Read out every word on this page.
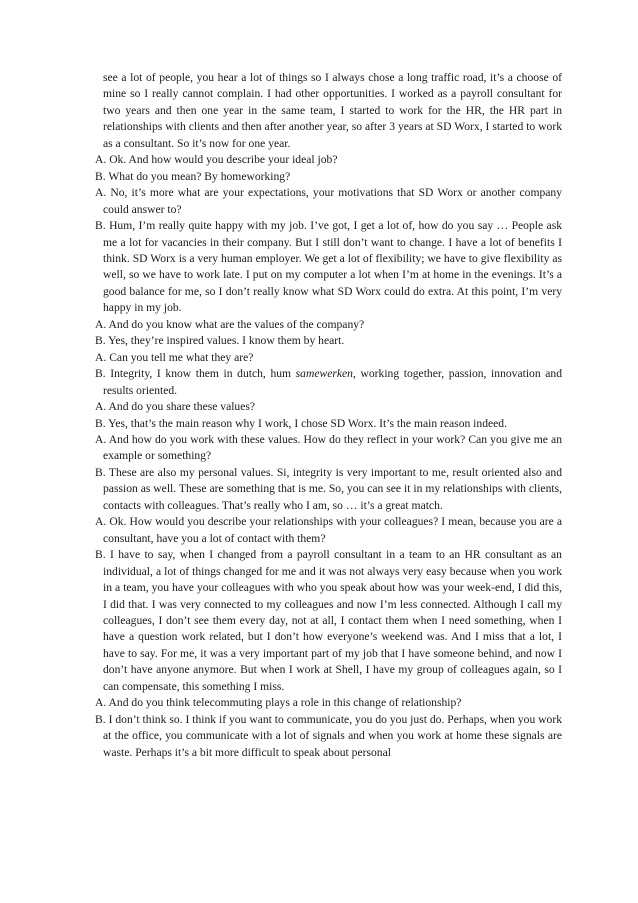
see a lot of people, you hear a lot of things so I always chose a long traffic road, it’s a choose of mine so I really cannot complain. I had other opportunities. I worked as a payroll consultant for two years and then one year in the same team, I started to work for the HR, the HR part in relationships with clients and then after another year, so after 3 years at SD Worx, I started to work as a consultant. So it’s now for one year.

A. Ok. And how would you describe your ideal job?

B. What do you mean? By homeworking?

A. No, it’s more what are your expectations, your motivations that SD Worx or another company could answer to?

B. Hum, I’m really quite happy with my job. I’ve got, I get a lot of, how do you say … People ask me a lot for vacancies in their company. But I still don’t want to change. I have a lot of benefits I think. SD Worx is a very human employer. We get a lot of flexibility; we have to give flexibility as well, so we have to work late. I put on my computer a lot when I’m at home in the evenings. It’s a good balance for me, so I don’t really know what SD Worx could do extra. At this point, I’m very happy in my job.

A. And do you know what are the values of the company?

B. Yes, they’re inspired values. I know them by heart.

A. Can you tell me what they are?

B. Integrity, I know them in dutch, hum samewerken, working together, passion, innovation and results oriented.

A. And do you share these values?

B. Yes, that’s the main reason why I work, I chose SD Worx. It’s the main reason indeed.

A. And how do you work with these values. How do they reflect in your work? Can you give me an example or something?

B. These are also my personal values. Si, integrity is very important to me, result oriented also and passion as well. These are something that is me. So, you can see it in my relationships with clients, contacts with colleagues. That’s really who I am, so … it’s a great match.

A. Ok. How would you describe your relationships with your colleagues? I mean, because you are a consultant, have you a lot of contact with them?

B. I have to say, when I changed from a payroll consultant in a team to an HR consultant as an individual, a lot of things changed for me and it was not always very easy because when you work in a team, you have your colleagues with who you speak about how was your week-end, I did this, I did that. I was very connected to my colleagues and now I’m less connected. Although I call my colleagues, I don’t see them every day, not at all, I contact them when I need something, when I have a question work related, but I don’t how everyone’s weekend was. And I miss that a lot, I have to say. For me, it was a very important part of my job that I have someone behind, and now I don’t have anyone anymore. But when I work at Shell, I have my group of colleagues again, so I can compensate, this something I miss.

A. And do you think telecommuting plays a role in this change of relationship?

B. I don’t think so. I think if you want to communicate, you do you just do. Perhaps, when you work at the office, you communicate with a lot of signals and when you work at home these signals are waste. Perhaps it’s a bit more difficult to speak about personal
